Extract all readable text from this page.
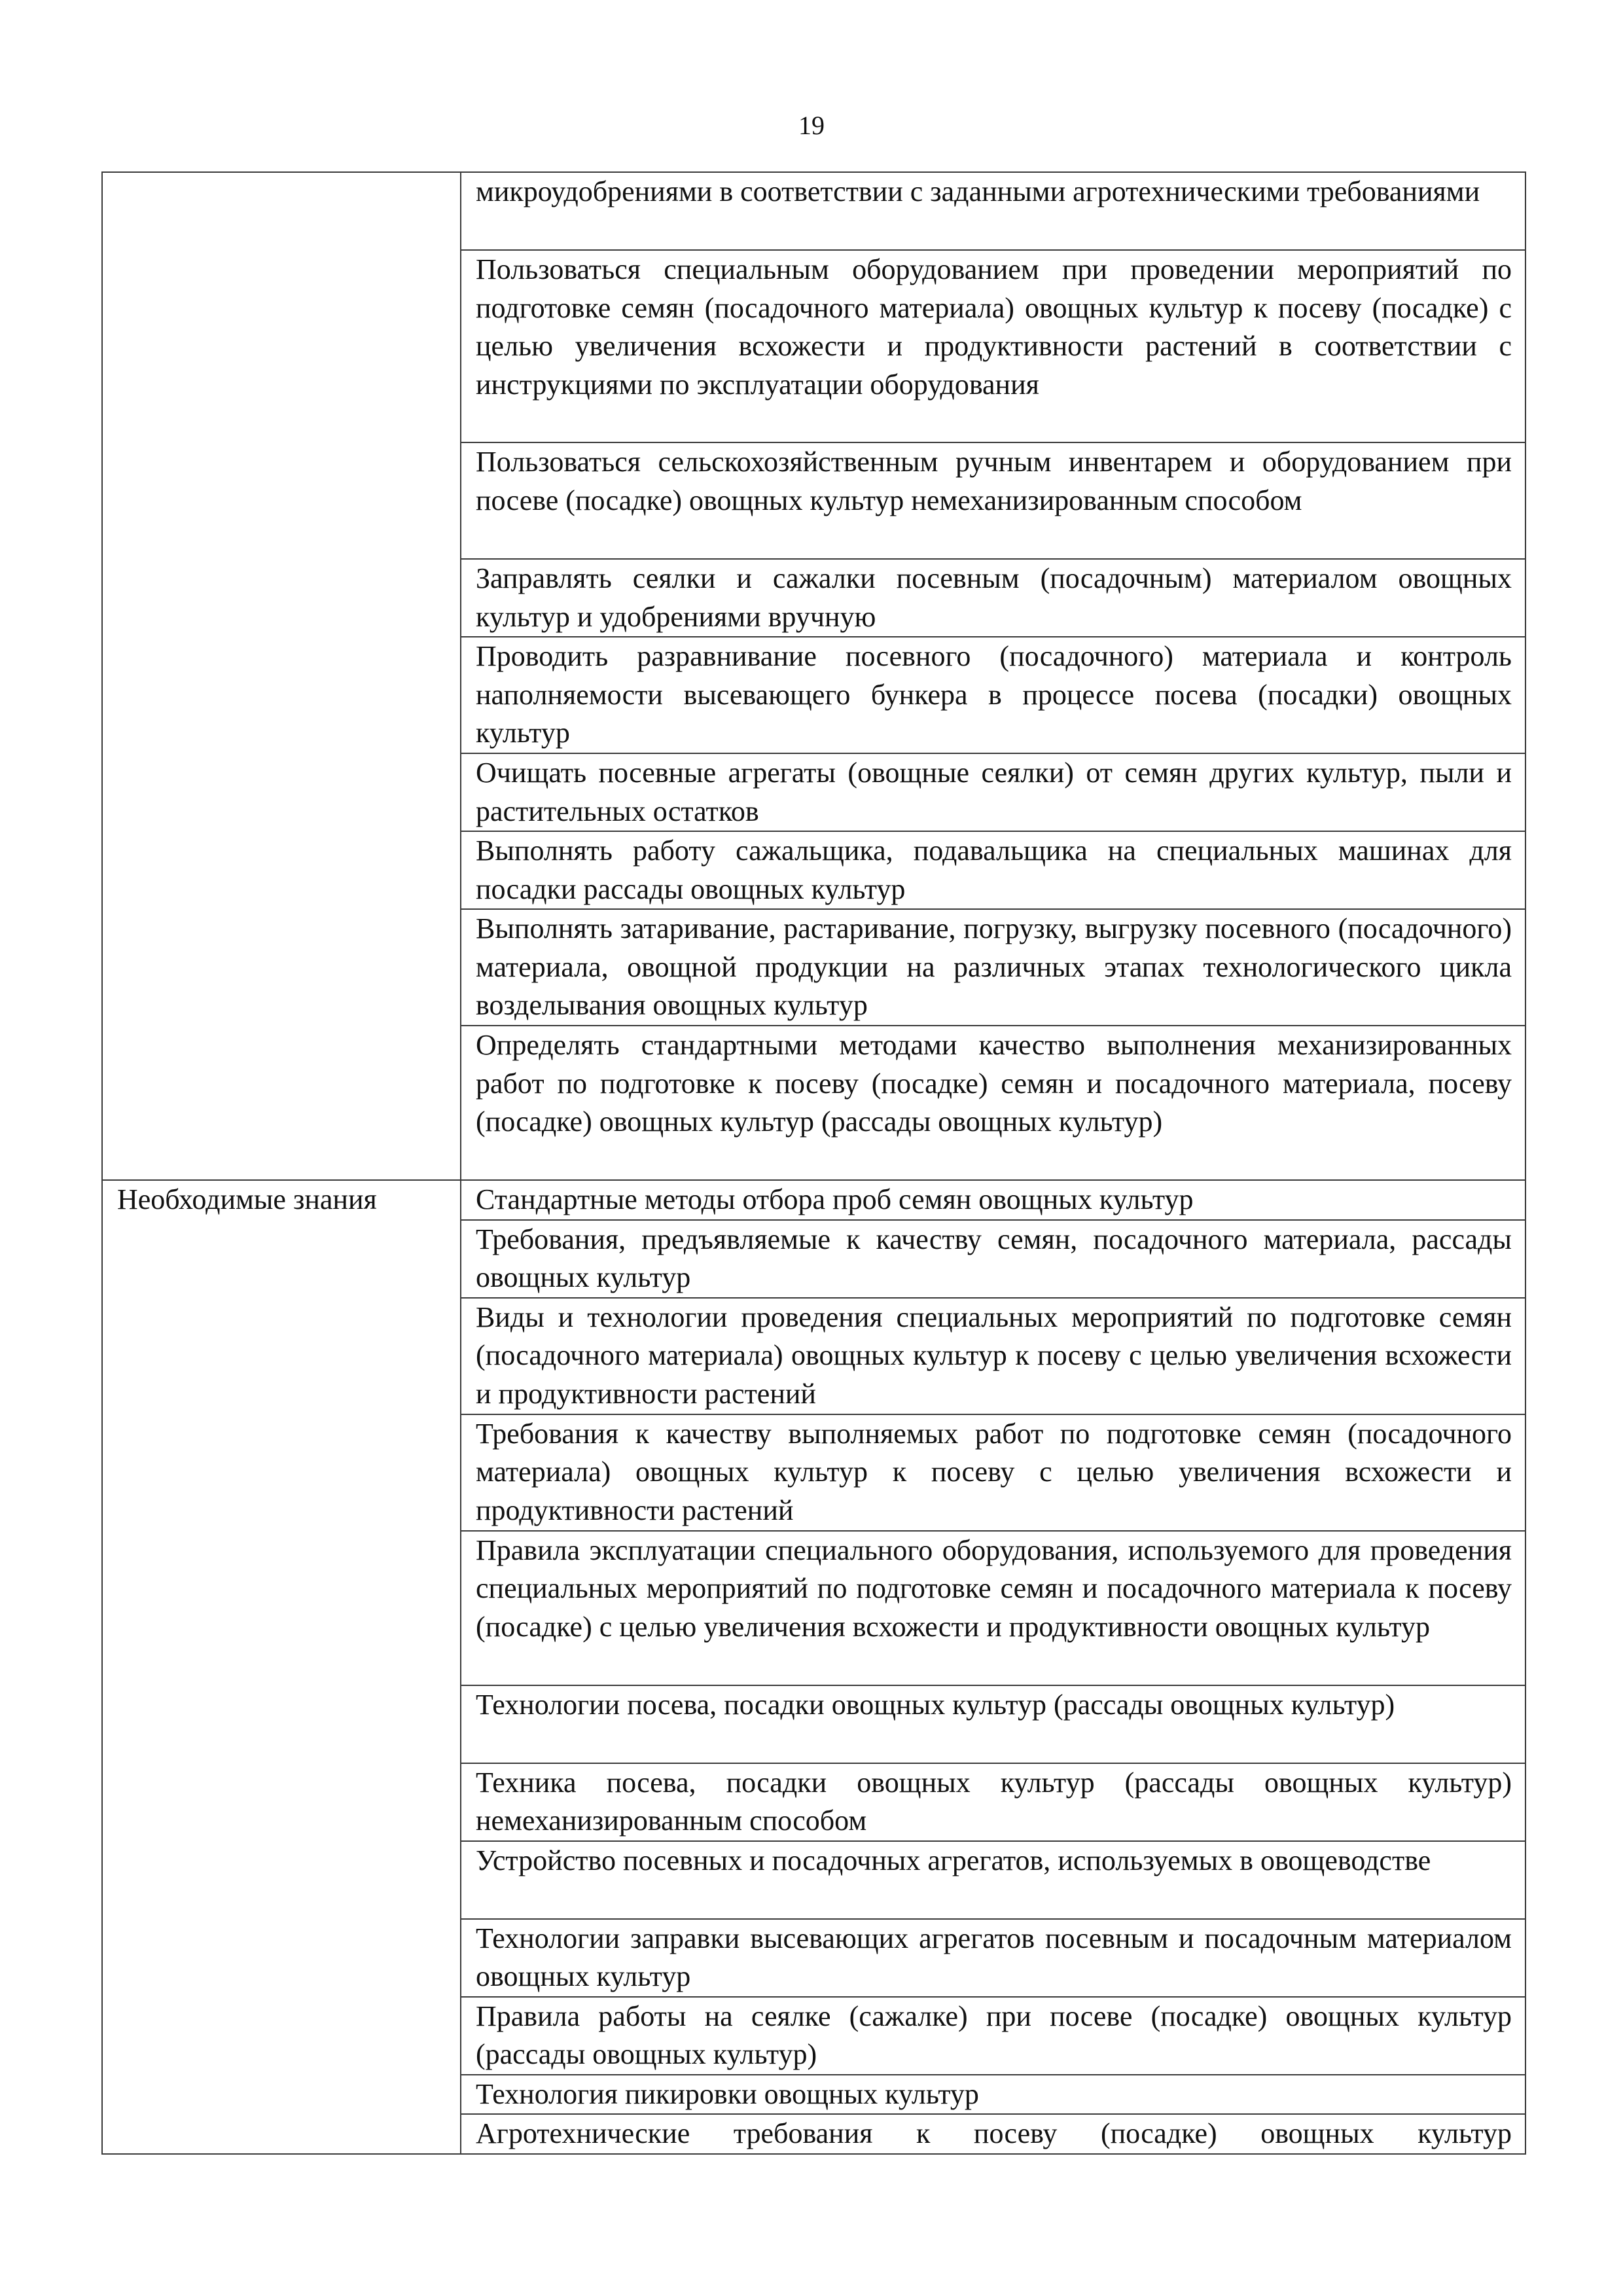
19
	микроудобрениями в соответствии с заданными агротехническими требованиями
	Пользоваться специальным оборудованием при проведении мероприятий по подготовке семян (посадочного материала) овощных культур к посеву (посадке) с целью увеличения всхожести и продуктивности растений в соответствии с инструкциями по эксплуатации оборудования
	Пользоваться сельскохозяйственным ручным инвентарем и оборудованием при посеве (посадке) овощных культур немеханизированным способом
	Заправлять сеялки и сажалки посевным (посадочным) материалом овощных культур и удобрениями вручную
	Проводить разравнивание посевного (посадочного) материала и контроль наполняемости высевающего бункера в процессе посева (посадки) овощных культур
	Очищать посевные агрегаты (овощные сеялки) от семян других культур, пыли и растительных остатков
	Выполнять работу сажальщика, подавальщика на специальных машинах для посадки рассады овощных культур
	Выполнять затаривание, растаривание, погрузку, выгрузку посевного (посадочного) материала, овощной продукции на различных этапах технологического цикла возделывания овощных культур
	Определять стандартными методами качество выполнения механизированных работ по подготовке к посеву (посадке) семян и посадочного материала, посеву (посадке) овощных культур (рассады овощных культур)
Необходимые знания	Стандартные методы отбора проб семян овощных культур
	Требования, предъявляемые к качеству семян, посадочного материала, рассады овощных культур
	Виды и технологии проведения специальных мероприятий по подготовке семян (посадочного материала) овощных культур к посеву с целью увеличения всхожести и продуктивности растений
	Требования к качеству выполняемых работ по подготовке семян (посадочного материала) овощных культур к посеву с целью увеличения всхожести и продуктивности растений
	Правила эксплуатации специального оборудования, используемого для проведения специальных мероприятий по подготовке семян и посадочного материала к посеву (посадке) с целью увеличения всхожести и продуктивности овощных культур
	Технологии посева, посадки овощных культур (рассады овощных культур)
	Техника посева, посадки овощных культур (рассады овощных культур) немеханизированным способом
	Устройство посевных и посадочных агрегатов, используемых в овощеводстве
	Технологии заправки высевающих агрегатов посевным и посадочным материалом овощных культур
	Правила работы на сеялке (сажалке) при посеве (посадке) овощных культур (рассады овощных культур)
	Технология пикировки овощных культур
	Агротехнические требования к посеву (посадке) овощных культур
